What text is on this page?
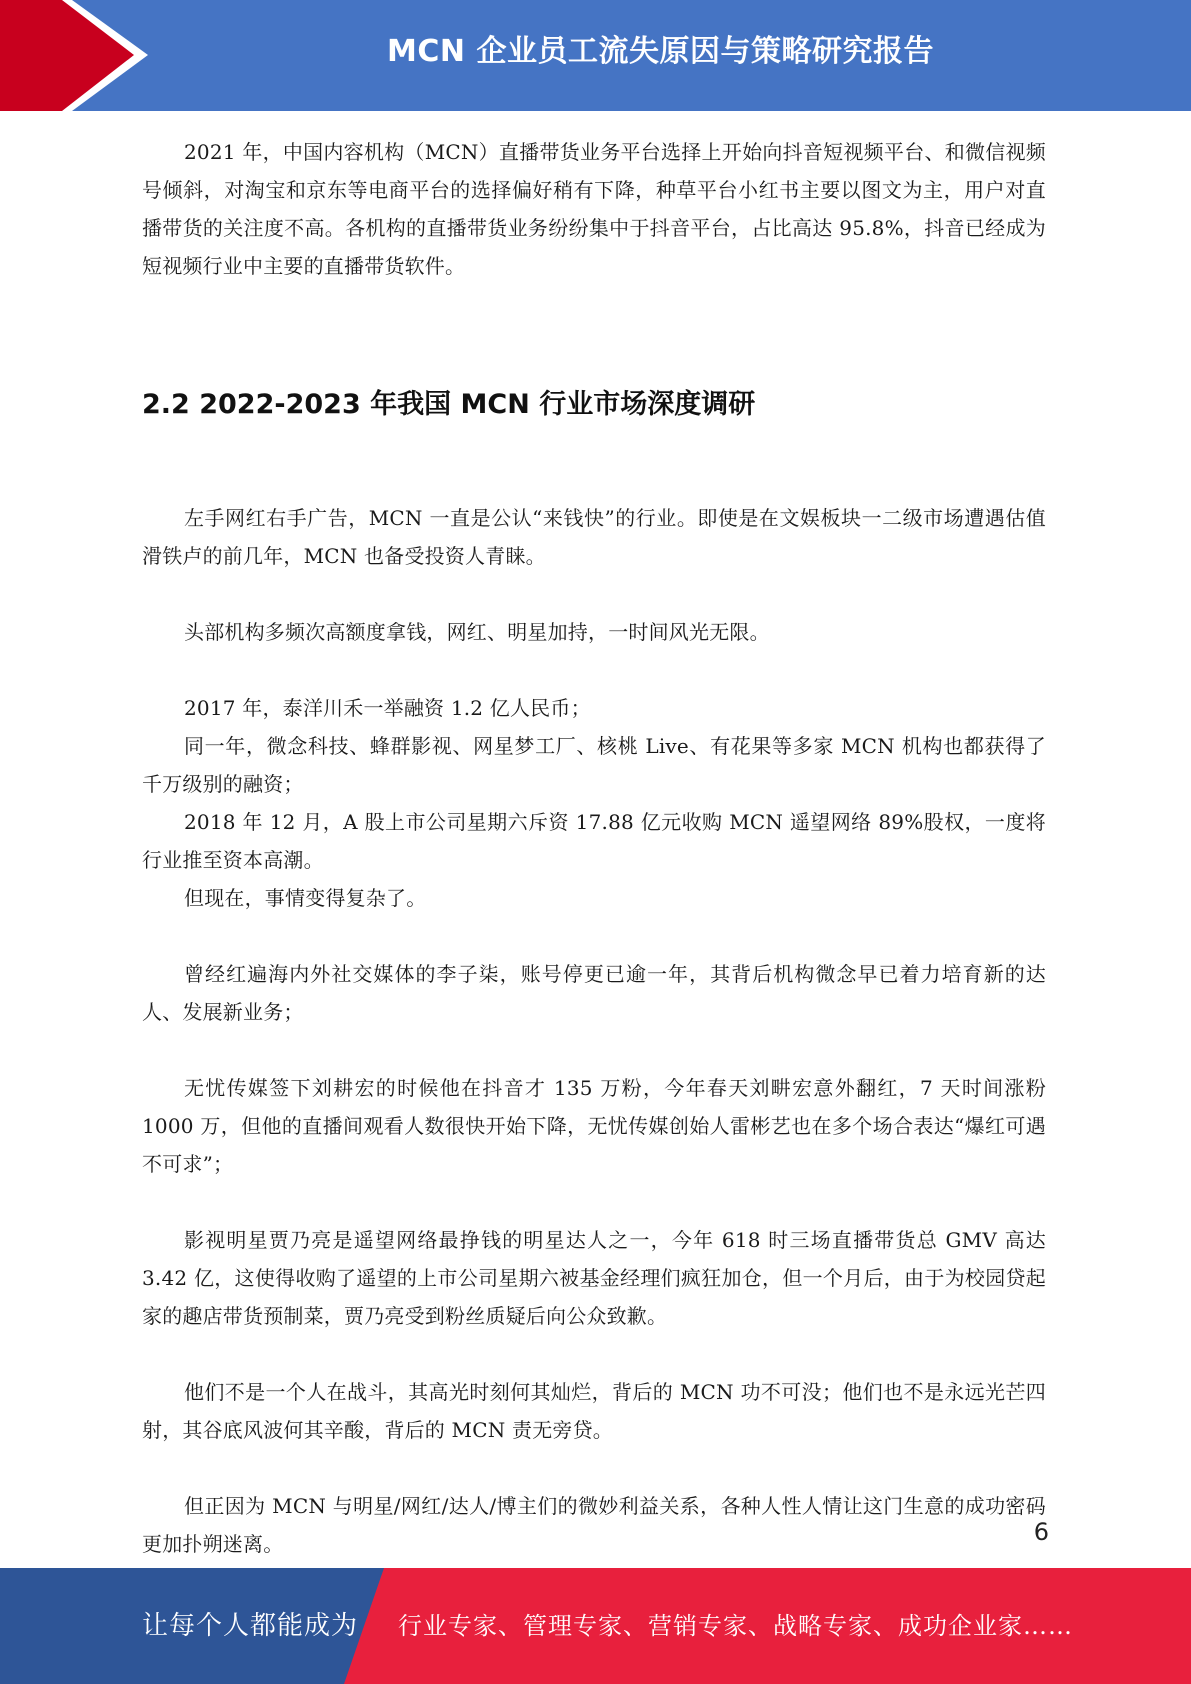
MCN 企业员工流失原因与策略研究报告

2021 年，中国内容机构（MCN）直播带货业务平台选择上开始向抖音短视频平台、和微信视频号倾斜，对淘宝和京东等电商平台的选择偏好稍有下降，种草平台小红书主要以图文为主，用户对直播带货的关注度不高。各机构的直播带货业务纷纷集中于抖音平台，占比高达 95.8%，抖音已经成为短视频行业中主要的直播带货软件。

2.2 2022-2023 年我国 MCN 行业市场深度调研

左手网红右手广告，MCN 一直是公认“来钱快”的行业。即使是在文娱板块一二级市场遭遇估值滑铁卢的前几年，MCN 也备受投资人青睐。

头部机构多频次高额度拿钱，网红、明星加持，一时间风光无限。

2017 年，泰洋川禾一举融资 1.2 亿人民币；

同一年，微念科技、蜂群影视、网星梦工厂、核桃 Live、有花果等多家 MCN 机构也都获得了千万级别的融资；

2018 年 12 月，A 股上市公司星期六斥资 17.88 亿元收购 MCN 遥望网络 89%股权，一度将行业推至资本高潮。

但现在，事情变得复杂了。

曾经红遍海内外社交媒体的李子柒，账号停更已逾一年，其背后机构微念早已着力培育新的达人、发展新业务；

无忧传媒签下刘耕宏的时候他在抖音才 135 万粉，今年春天刘畊宏意外翻红，7 天时间涨粉 1000 万，但他的直播间观看人数很快开始下降，无忧传媒创始人雷彬艺也在多个场合表达“爆红可遇不可求”；

影视明星贾乃亮是遥望网络最挣钱的明星达人之一，今年 618 时三场直播带货总 GMV 高达 3.42 亿，这使得收购了遥望的上市公司星期六被基金经理们疯狂加仓，但一个月后，由于为校园贷起家的趣店带货预制菜，贾乃亮受到粉丝质疑后向公众致歉。

他们不是一个人在战斗，其高光时刻何其灿烂，背后的 MCN 功不可没；他们也不是永远光芒四射，其谷底风波何其辛酸，背后的 MCN 责无旁贷。

但正因为 MCN 与明星/网红/达人/博主们的微妙利益关系，各种人性人情让这门生意的成功密码更加扑朔迷离。	6
让每个人都能成为 行业专家、管理专家、营销专家、战略专家、成功企业家……
